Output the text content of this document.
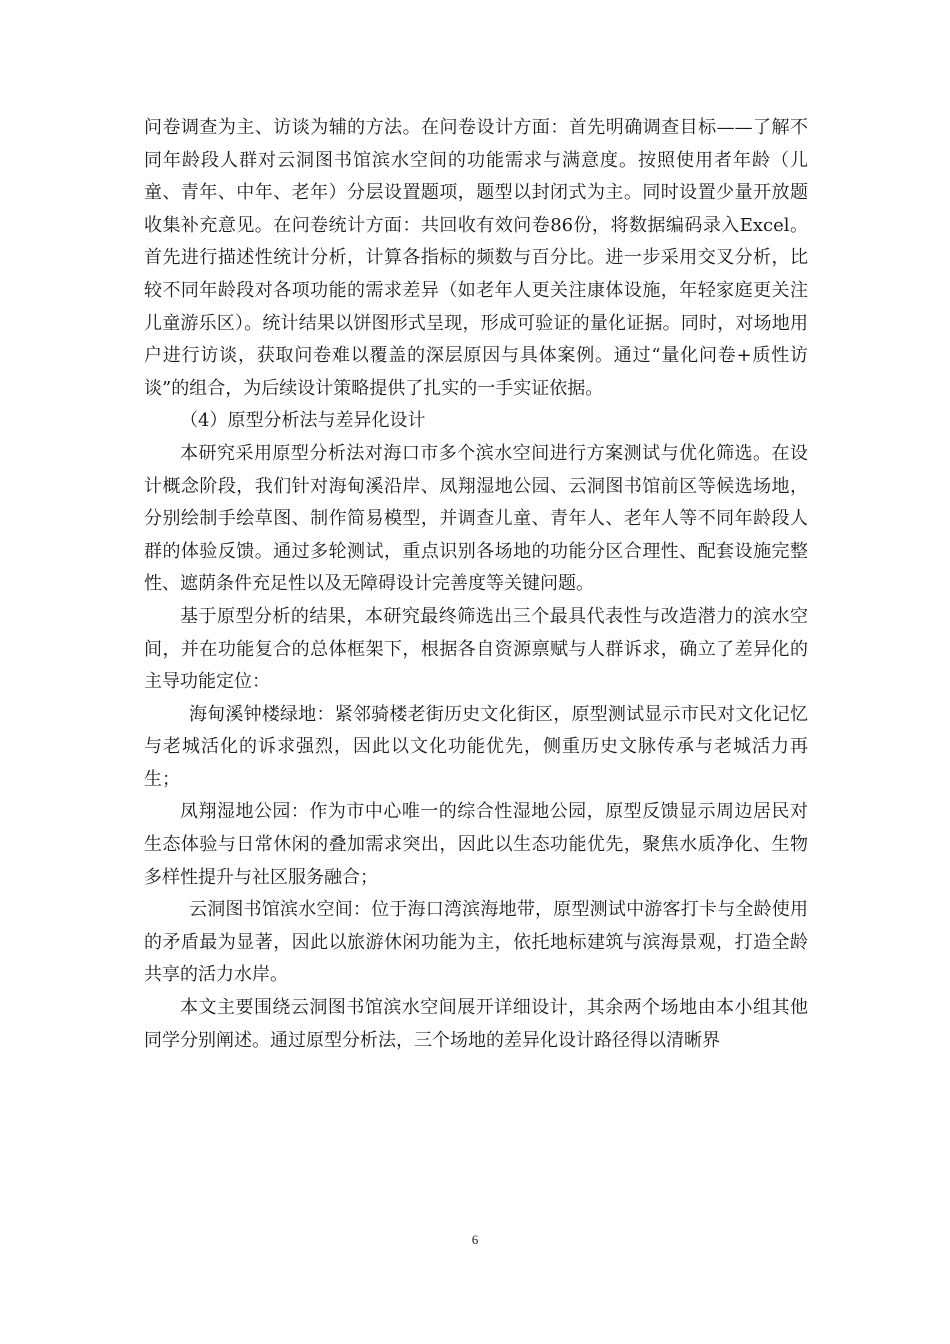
问卷调查为主、访谈为辅的方法。在问卷设计方面：首先明确调查目标——了解不同年龄段人群对云洞图书馆滨水空间的功能需求与满意度。按照使用者年龄（儿童、青年、中年、老年）分层设置题项，题型以封闭式为主。同时设置少量开放题收集补充意见。在问卷统计方面：共回收有效问卷86份，将数据编码录入Excel。首先进行描述性统计分析，计算各指标的频数与百分比。进一步采用交叉分析，比较不同年龄段对各项功能的需求差异（如老年人更关注康体设施，年轻家庭更关注儿童游乐区）。统计结果以饼图形式呈现，形成可验证的量化证据。同时，对场地用户进行访谈，获取问卷难以覆盖的深层原因与具体案例。通过“量化问卷+质性访谈”的组合，为后续设计策略提供了扎实的一手实证依据。

（4）原型分析法与差异化设计

本研究采用原型分析法对海口市多个滨水空间进行方案测试与优化筛选。在设计概念阶段，我们针对海甸溪沿岸、凤翔湿地公园、云洞图书馆前区等候选场地，分别绘制手绘草图、制作简易模型，并调查儿童、青年人、老年人等不同年龄段人群的体验反馈。通过多轮测试，重点识别各场地的功能分区合理性、配套设施完整性、遮荫条件充足性以及无障碍设计完善度等关键问题。

基于原型分析的结果，本研究最终筛选出三个最具代表性与改造潜力的滨水空间，并在功能复合的总体框架下，根据各自资源禀赋与人群诉求，确立了差异化的主导功能定位：

海甸溪钟楼绿地：紧邻骑楼老街历史文化街区，原型测试显示市民对文化记忆与老城活化的诉求强烈，因此以文化功能优先，侧重历史文脉传承与老城活力再生；

凤翔湿地公园：作为市中心唯一的综合性湿地公园，原型反馈显示周边居民对生态体验与日常休闲的叠加需求突出，因此以生态功能优先，聚焦水质净化、生物多样性提升与社区服务融合；

云洞图书馆滨水空间：位于海口湾滨海地带，原型测试中游客打卡与全龄使用的矛盾最为显著，因此以旅游休闲功能为主，依托地标建筑与滨海景观，打造全龄共享的活力水岸。

本文主要围绕云洞图书馆滨水空间展开详细设计，其余两个场地由本小组其他同学分别阐述。通过原型分析法，三个场地的差异化设计路径得以清晰界

6
